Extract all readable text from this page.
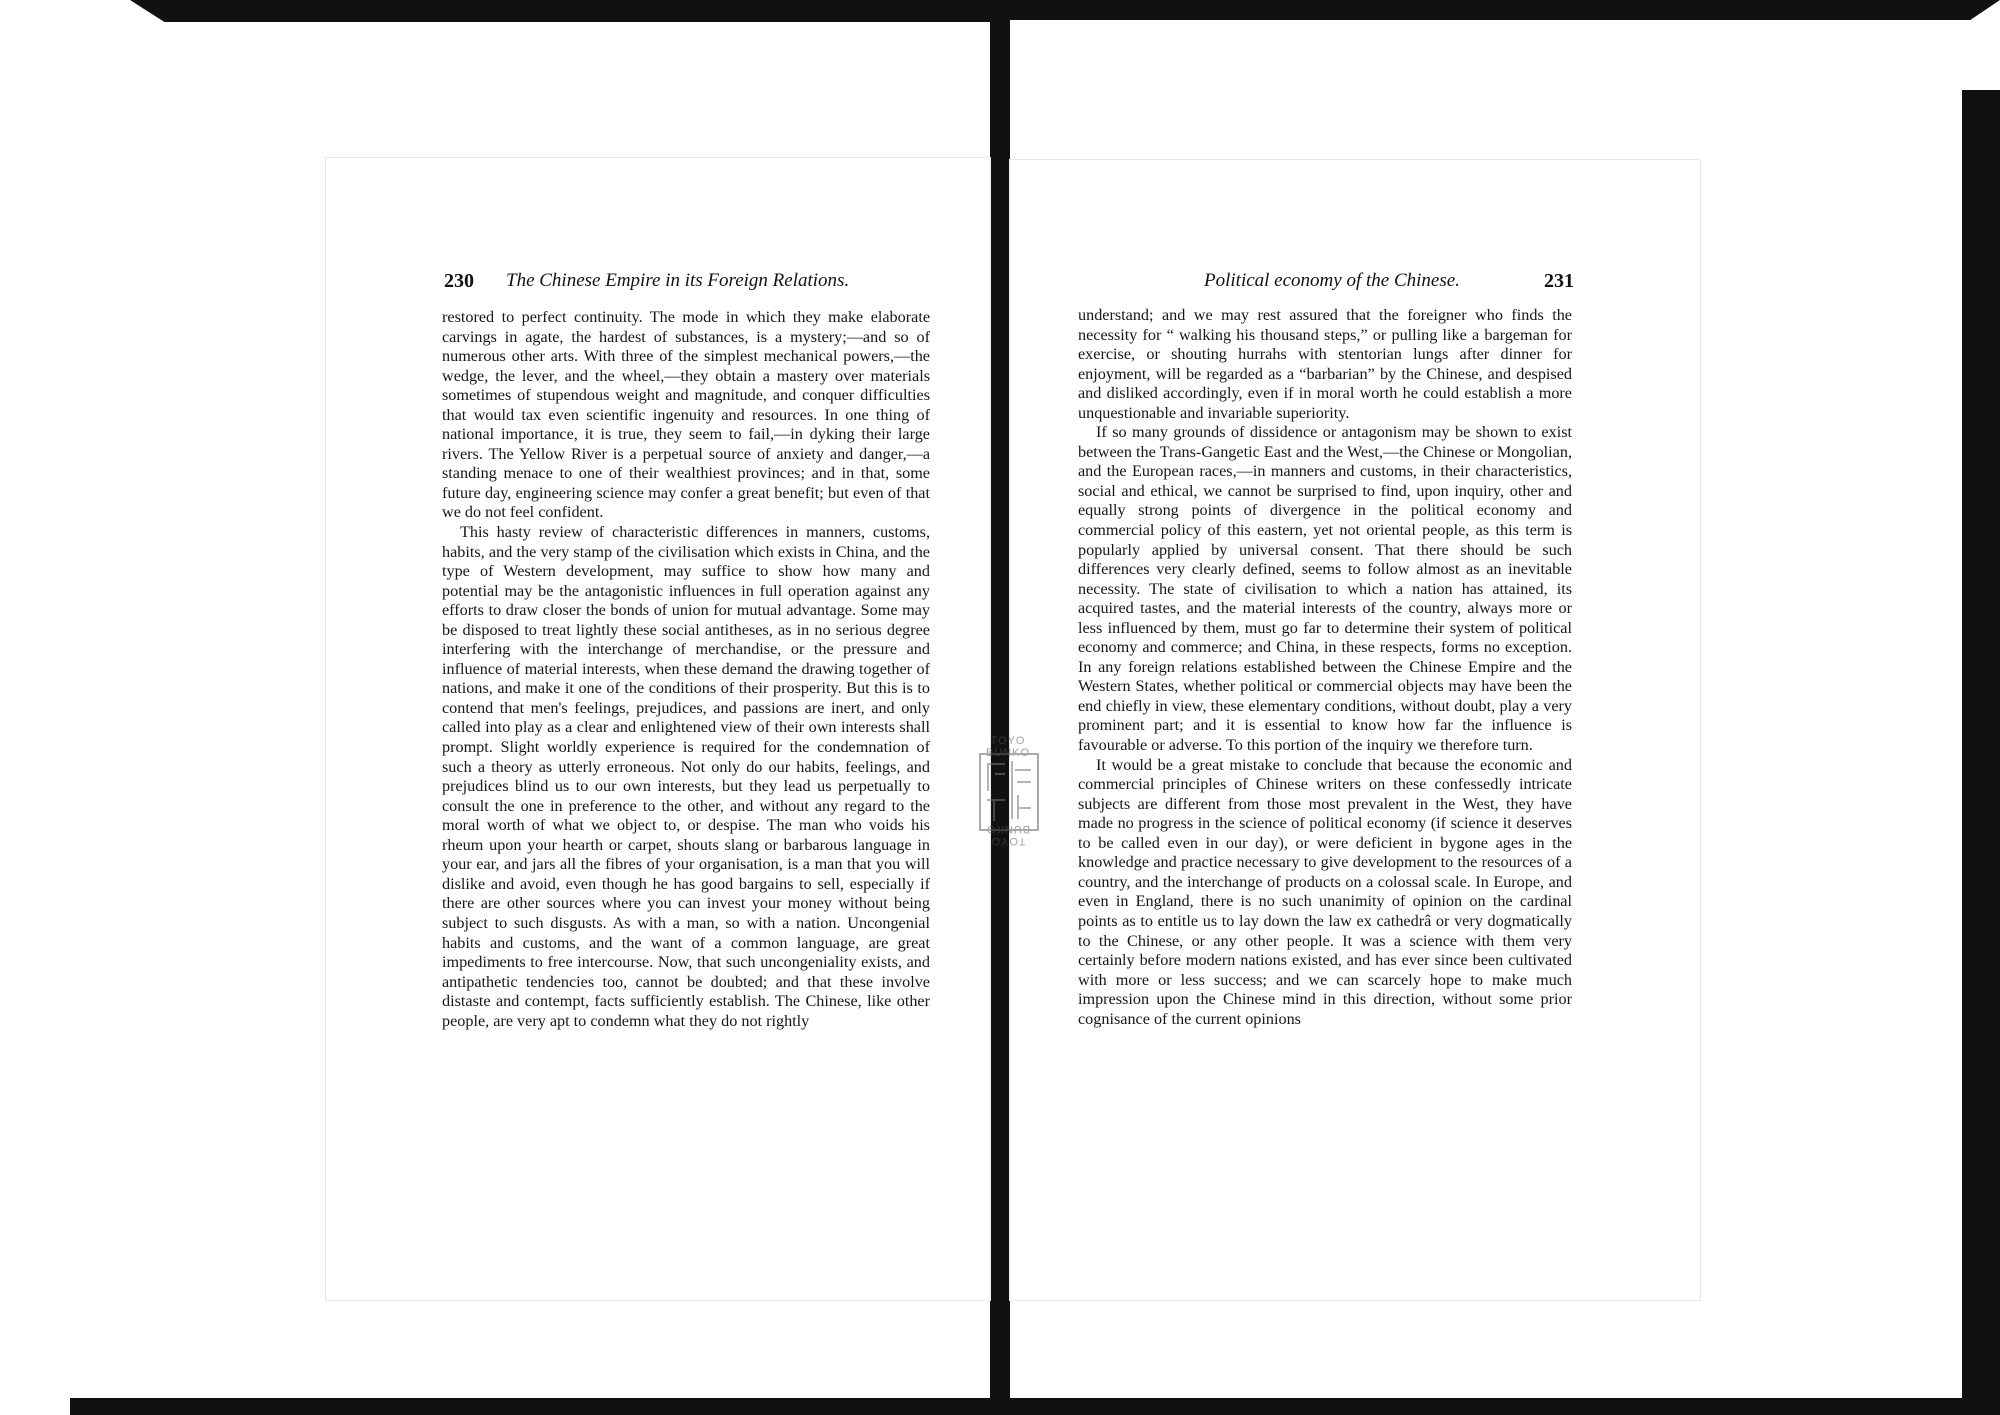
230 The Chinese Empire in its Foreign Relations.

restored to perfect continuity. The mode in which they make elaborate carvings in agate, the hardest of substances, is a mystery;—and so of numerous other arts. With three of the simplest mechanical powers,—the wedge, the lever, and the wheel,—they obtain a mastery over materials sometimes of stupendous weight and magnitude, and conquer difficulties that would tax even scientific ingenuity and resources. In one thing of national importance, it is true, they seem to fail,—in dyking their large rivers. The Yellow River is a perpetual source of anxiety and danger,—a standing menace to one of their wealthiest provinces; and in that, some future day, engineering science may confer a great benefit; but even of that we do not feel confident.

This hasty review of characteristic differences in manners, customs, habits, and the very stamp of the civilisation which exists in China, and the type of Western development, may suffice to show how many and potential may be the antagonistic influences in full operation against any efforts to draw closer the bonds of union for mutual advantage. Some may be disposed to treat lightly these social antitheses, as in no serious degree interfering with the interchange of merchandise, or the pressure and influence of material interests, when these demand the drawing together of nations, and make it one of the conditions of their prosperity. But this is to contend that men's feelings, prejudices, and passions are inert, and only called into play as a clear and enlightened view of their own interests shall prompt. Slight worldly experience is required for the condemnation of such a theory as utterly erroneous. Not only do our habits, feelings, and prejudices blind us to our own interests, but they lead us perpetually to consult the one in preference to the other, and without any regard to the moral worth of what we object to, or despise. The man who voids his rheum upon your hearth or carpet, shouts slang or barbarous language in your ear, and jars all the fibres of your organisation, is a man that you will dislike and avoid, even though he has good bargains to sell, especially if there are other sources where you can invest your money without being subject to such disgusts. As with a man, so with a nation. Uncongenial habits and customs, and the want of a common language, are great impediments to free intercourse. Now, that such uncongeniality exists, and antipathetic tendencies too, cannot be doubted; and that these involve distaste and contempt, facts sufficiently establish. The Chinese, like other people, are very apt to condemn what they do not rightly

Political economy of the Chinese.	231

understand; and we may rest assured that the foreigner who finds the necessity for “ walking his thousand steps,” or pulling like a bargeman for exercise, or shouting hurrahs with stentorian lungs after dinner for enjoyment, will be regarded as a “barbarian” by the Chinese, and despised and disliked accordingly, even if in moral worth he could establish a more unquestionable and invariable superiority.

If so many grounds of dissidence or antagonism may be shown to exist between the Trans-Gangetic East and the West,—the Chinese or Mongolian, and the European races,—in manners and customs, in their characteristics, social and ethical, we cannot be surprised to find, upon inquiry, other and equally strong points of divergence in the political economy and commercial policy of this eastern, yet not oriental people, as this term is popularly applied by universal consent. That there should be such differences very clearly defined, seems to follow almost as an inevitable necessity. The state of civilisation to which a nation has attained, its acquired tastes, and the material interests of the country, always more or less influenced by them, must go far to determine their system of political economy and commerce; and China, in these respects, forms no exception. In any foreign relations established between the Chinese Empire and the Western States, whether political or commercial objects may have been the end chiefly in view, these elementary conditions, without doubt, play a very prominent part; and it is essential to know how far the influence is favourable or adverse. To this portion of the inquiry we therefore turn.

It would be a great mistake to conclude that because the economic and commercial principles of Chinese writers on these confessedly intricate subjects are different from those most prevalent in the West, they have made no progress in the science of political economy (if science it deserves to be called even in our day), or were deficient in bygone ages in the knowledge and practice necessary to give development to the resources of a country, and the interchange of products on a colossal scale. In Europe, and even in England, there is no such unanimity of opinion on the cardinal points as to entitle us to lay down the law ex cathedrâ or very dogmatically to the Chinese, or any other people. It was a science with them very certainly before modern nations existed, and has ever since been cultivated with more or less success; and we can scarcely hope to make much impression upon the Chinese mind in this direction, without some prior cognisance of the current opinions

TOYO BUNKO
TOYO BUNKO
